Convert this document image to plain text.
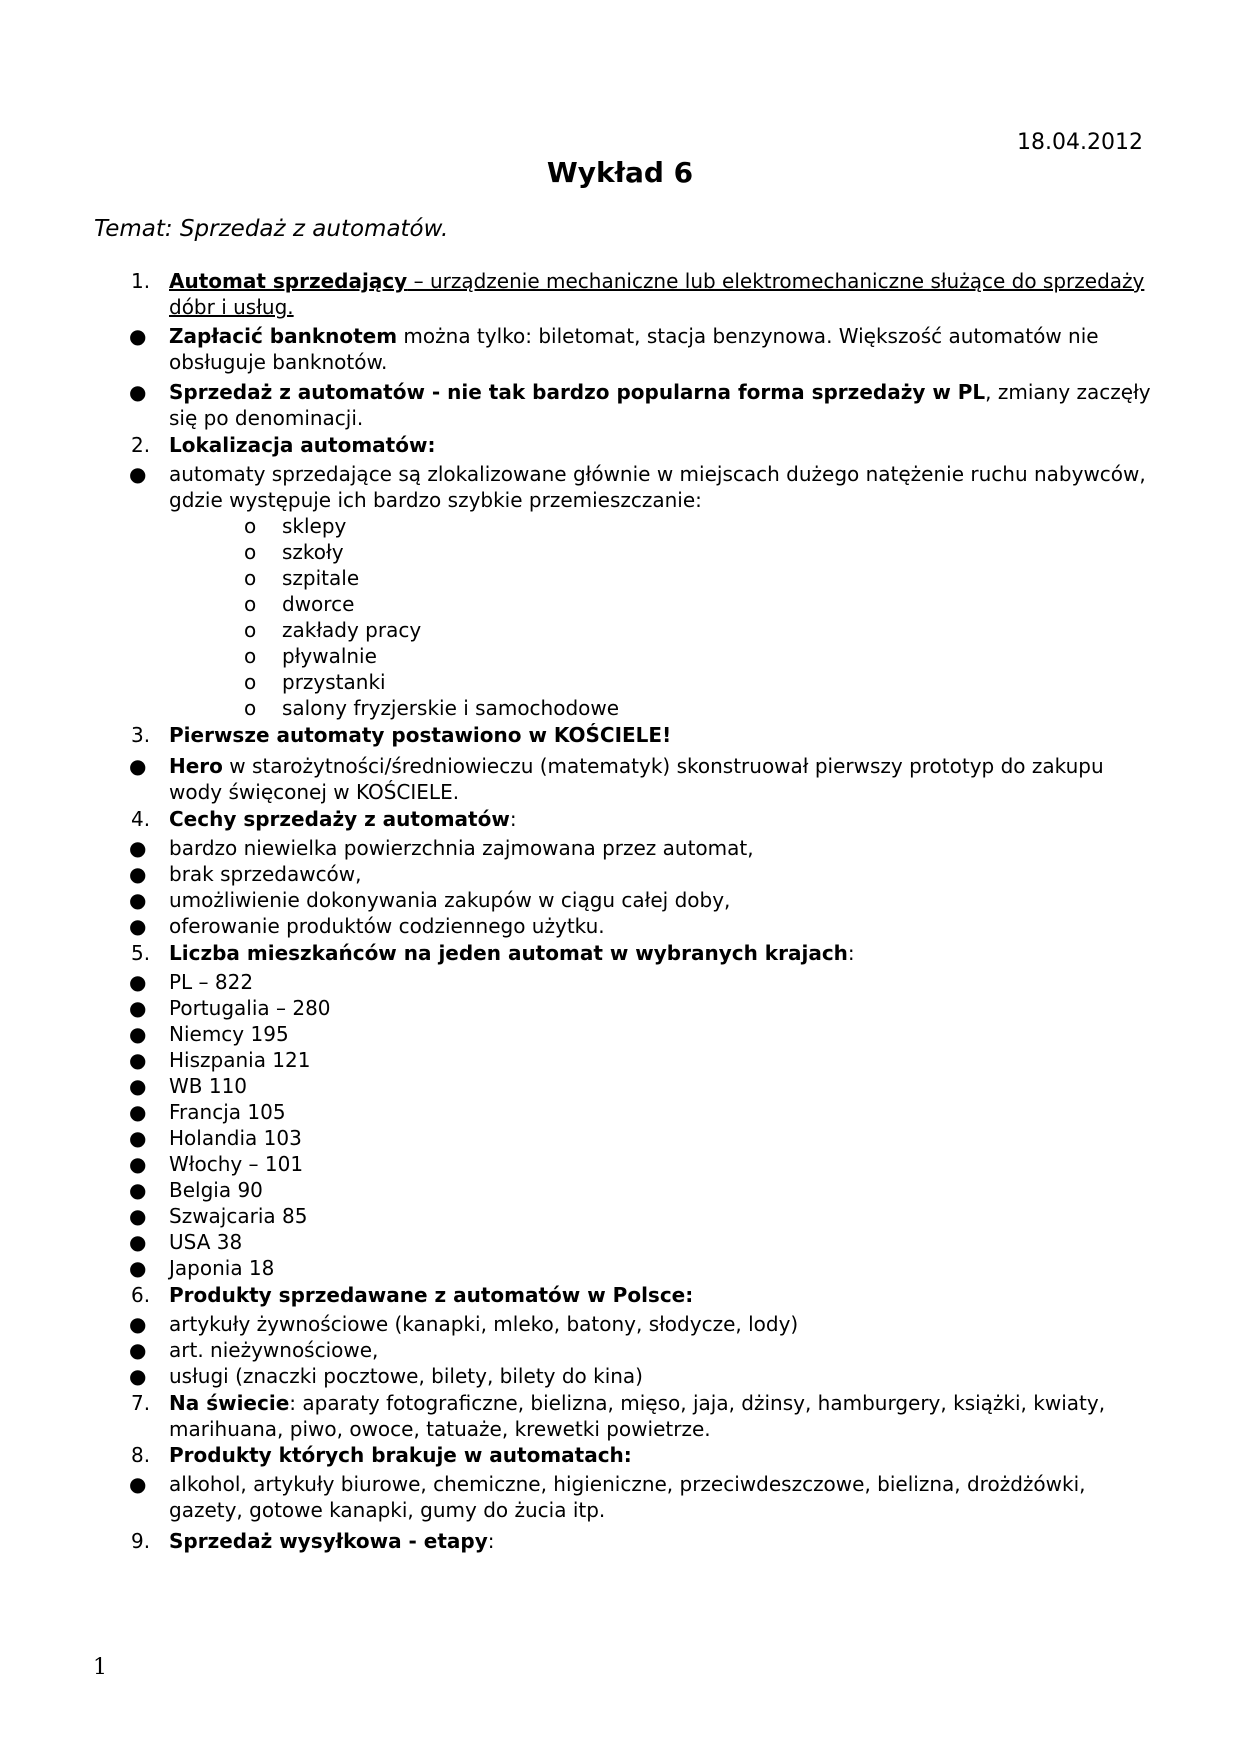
18.04.2012
Wykład 6
Temat: Sprzedaż z automatów.
1. Automat sprzedający – urządzenie mechaniczne lub elektromechaniczne służące do sprzedaży dóbr i usług.

● Zapłacić banknotem można tylko: biletomat, stacja benzynowa. Większość automatów nie obsługuje banknotów.

● Sprzedaż z automatów - nie tak bardzo popularna forma sprzedaży w PL, zmiany zaczęły się po denominacji.

2. Lokalizacja automatów:

● automaty sprzedające są zlokalizowane głównie w miejscach dużego natężenie ruchu nabywców, gdzie występuje ich bardzo szybkie przemieszczanie:

o sklepy

o szkoły

o szpitale

o dworce

o zakłady pracy

o pływalnie

o przystanki

o salony fryzjerskie i samochodowe

3. Pierwsze automaty postawiono w KOŚCIELE!

● Hero w starożytności/średniowieczu (matematyk) skonstruował pierwszy prototyp do zakupu wody święconej w KOŚCIELE.

4. Cechy sprzedaży z automatów:

● bardzo niewielka powierzchnia zajmowana przez automat,

● brak sprzedawców,

● umożliwienie dokonywania zakupów w ciągu całej doby,

● oferowanie produktów codziennego użytku.

5. Liczba mieszkańców na jeden automat w wybranych krajach:

● PL – 822

● Portugalia – 280

● Niemcy 195

● Hiszpania 121

● WB 110

● Francja 105

● Holandia 103

● Włochy – 101

● Belgia 90

● Szwajcaria 85

● USA 38

● Japonia 18

6. Produkty sprzedawane z automatów w Polsce:

● artykuły żywnościowe (kanapki, mleko, batony, słodycze, lody)

● art. nieżywnościowe,

● usługi (znaczki pocztowe, bilety, bilety do kina)

7. Na świecie: aparaty fotograficzne, bielizna, mięso, jaja, dżinsy, hamburgery, książki, kwiaty, marihuana, piwo, owoce, tatuaże, krewetki powietrze.
8. Produkty których brakuje w automatach:

● alkohol, artykuły biurowe, chemiczne, higieniczne, przeciwdeszczowe, bielizna, drożdżówki, gazety, gotowe kanapki, gumy do żucia itp.

9. Sprzedaż wysyłkowa - etapy:
1
